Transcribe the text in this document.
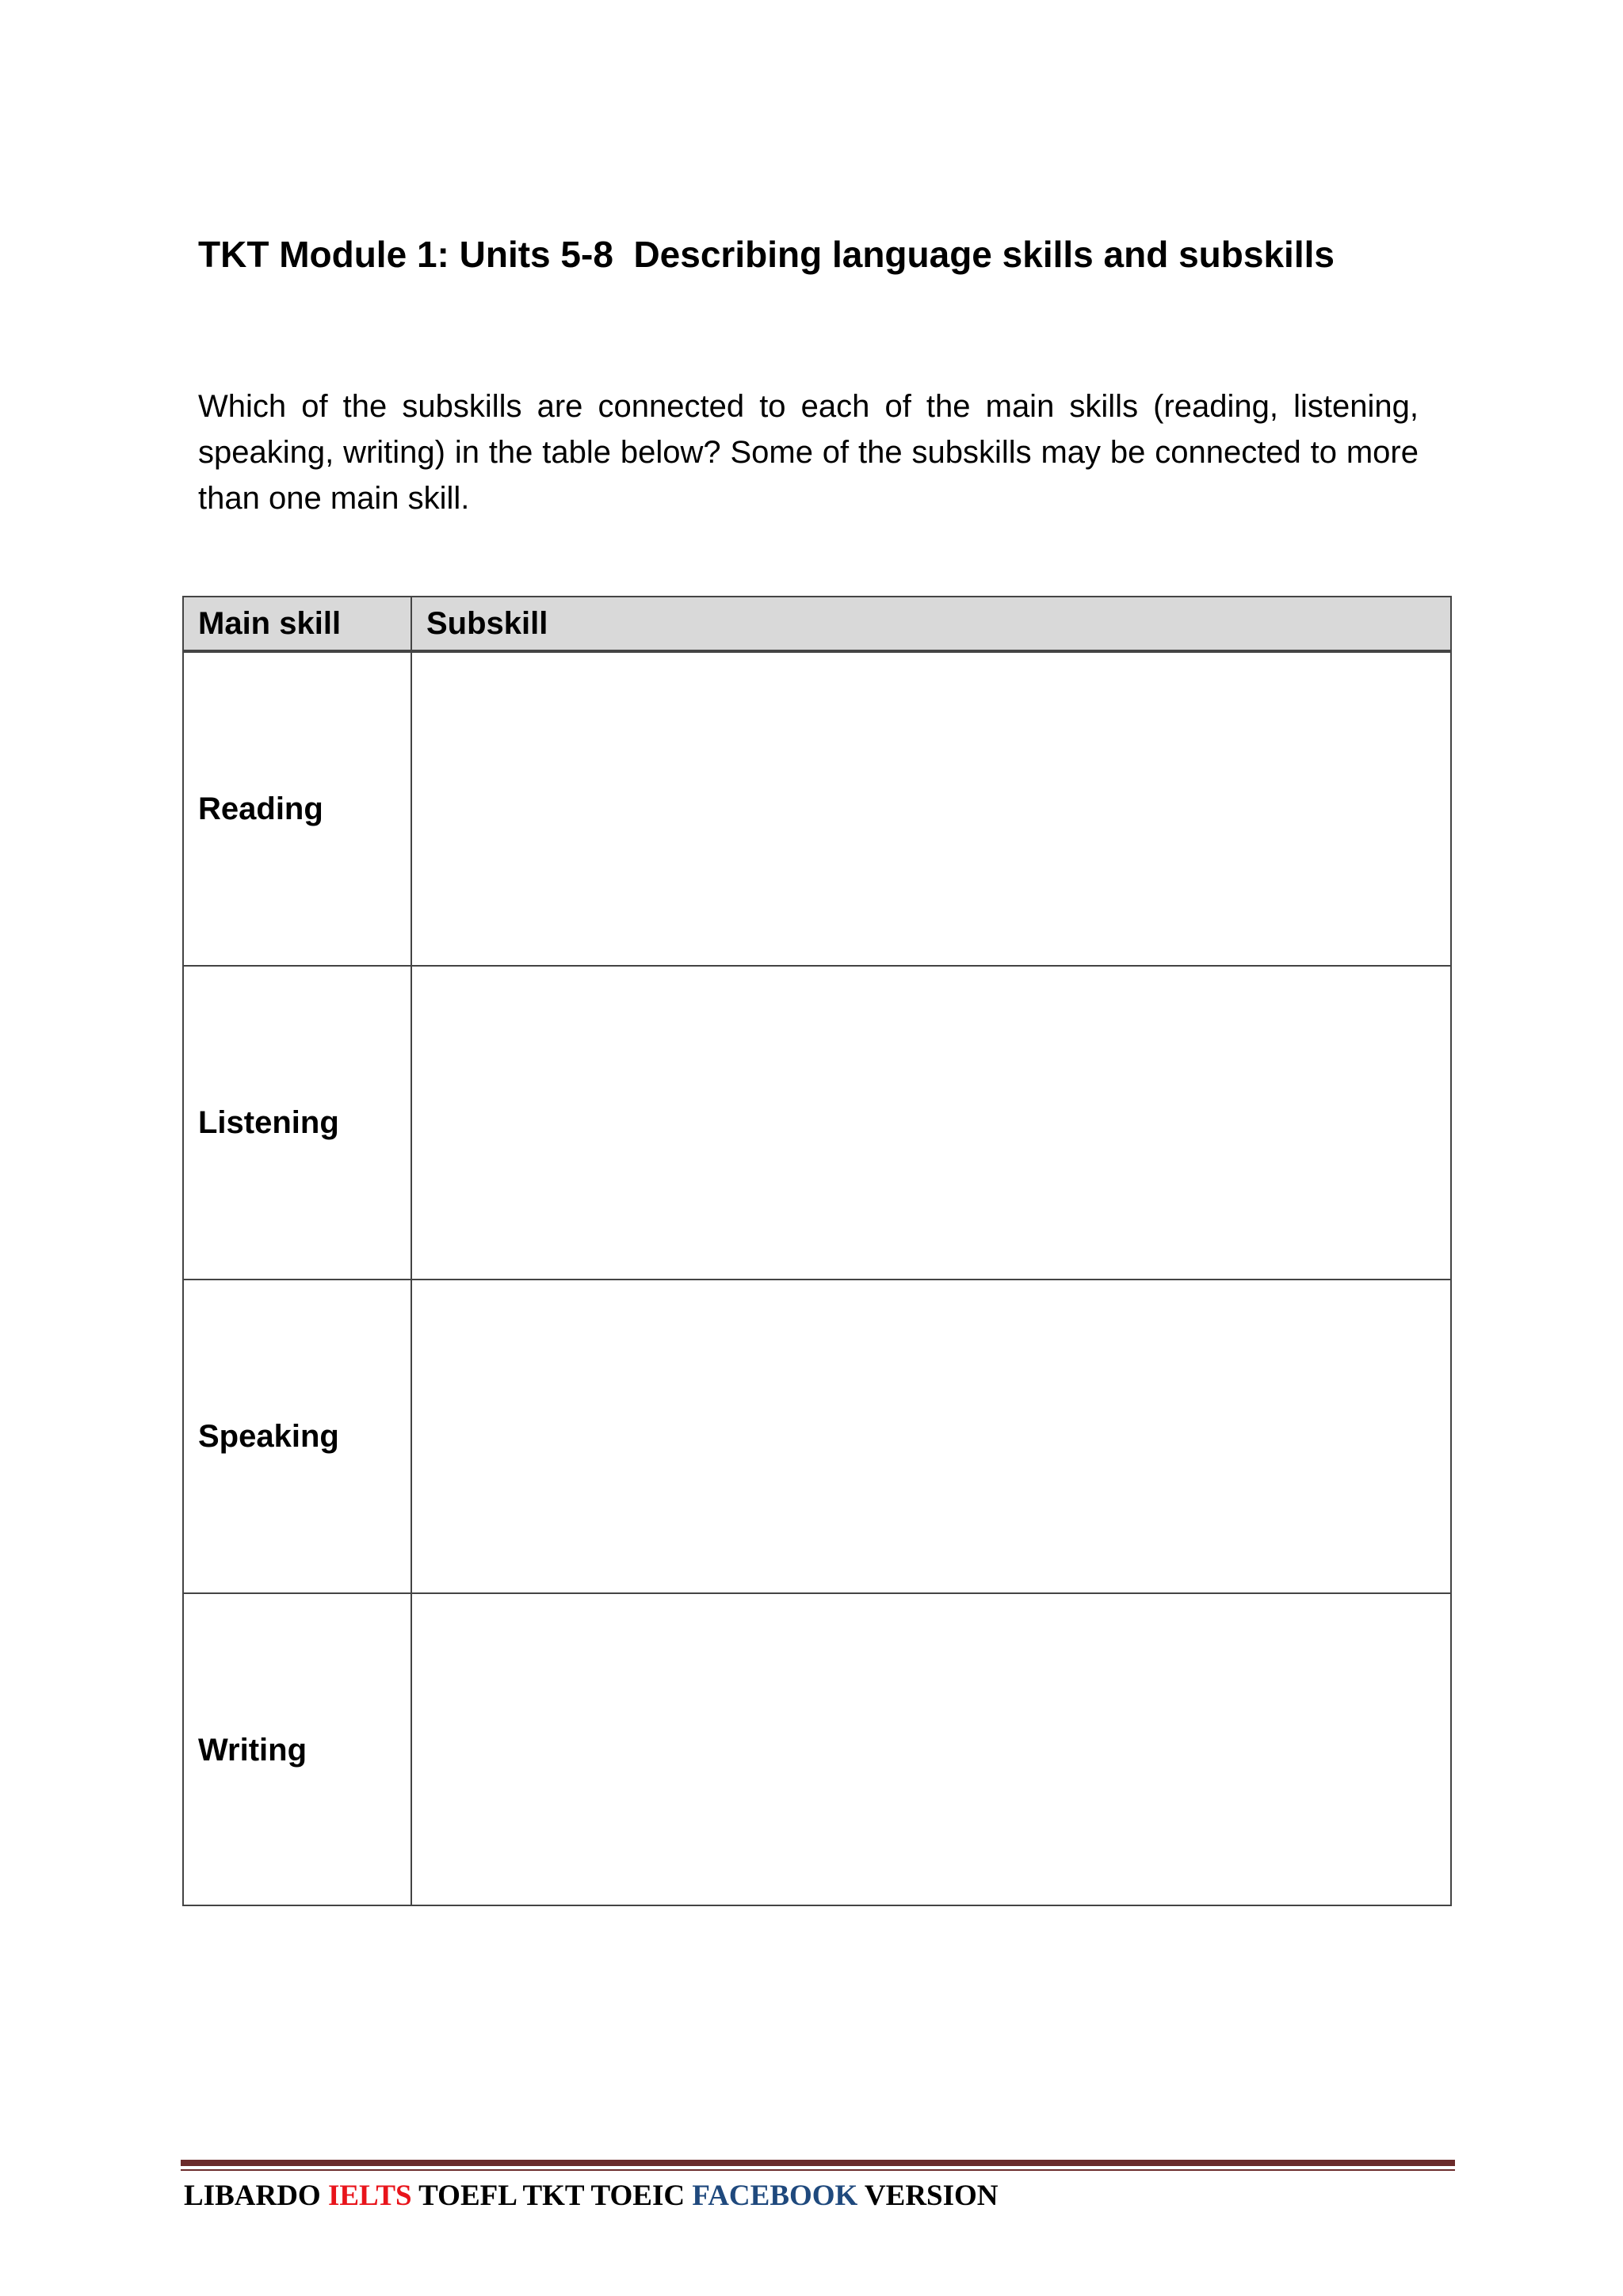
TKT Module 1: Units 5-8  Describing language skills and subskills

Which of the subskills are connected to each of the main skills (reading, listening, speaking, writing) in the table below? Some of the subskills may be connected to more than one main skill.

Main skill	Subskill
Reading	
Listening	
Speaking	
Writing	
LIBARDO IELTS TOEFL TKT TOEIC FACEBOOK VERSION
